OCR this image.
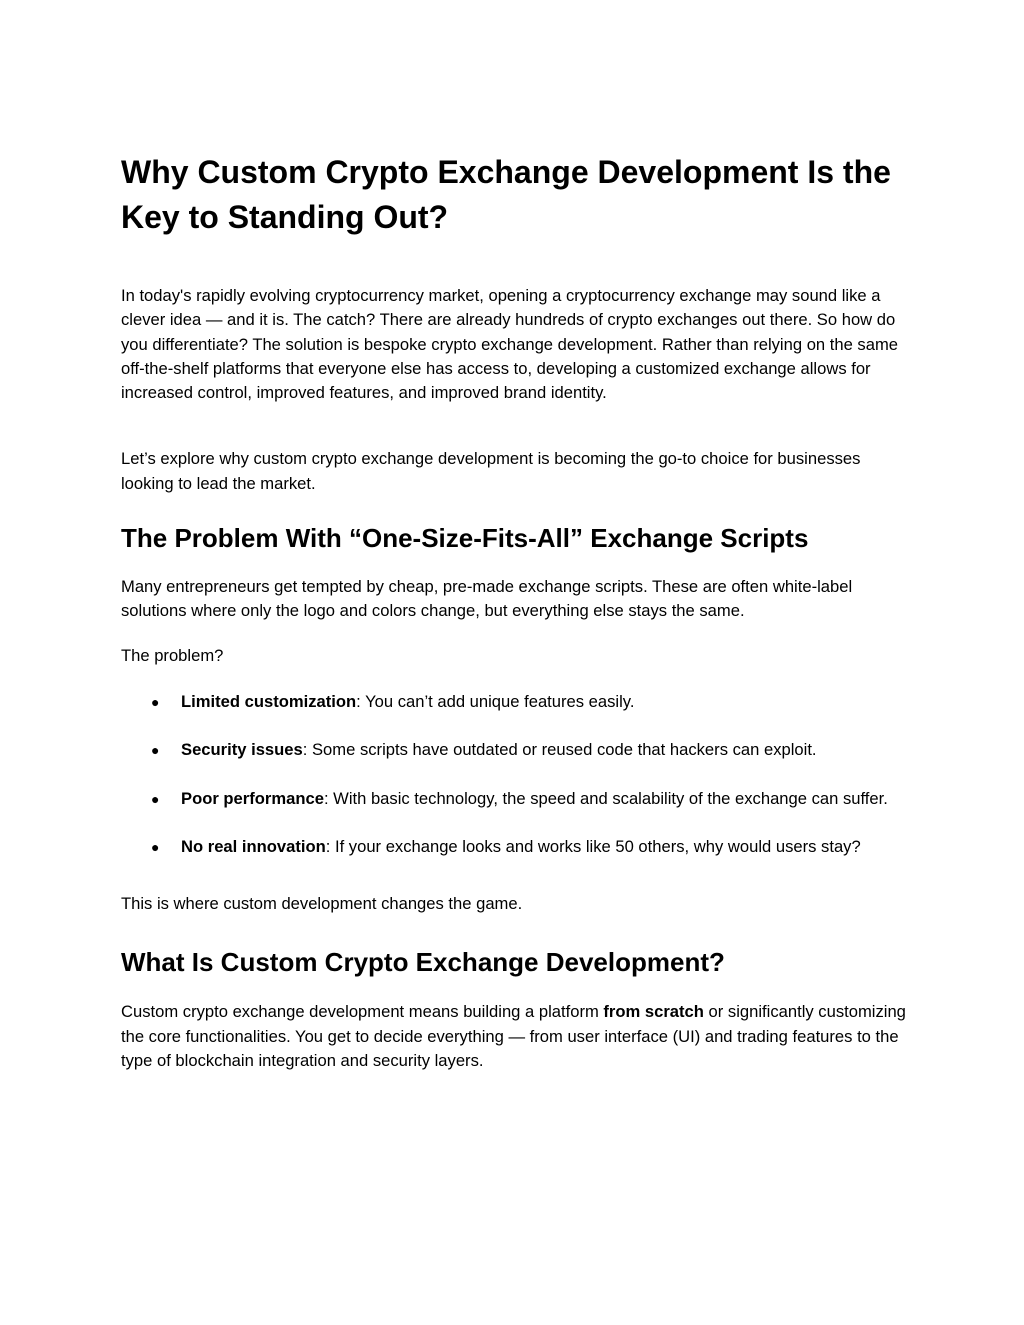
Why Custom Crypto Exchange Development Is the Key to Standing Out?

In today's rapidly evolving cryptocurrency market, opening a cryptocurrency exchange may sound like a clever idea — and it is. The catch? There are already hundreds of crypto exchanges out there. So how do you differentiate? The solution is bespoke crypto exchange development. Rather than relying on the same off-the-shelf platforms that everyone else has access to, developing a customized exchange allows for increased control, improved features, and improved brand identity.

Let’s explore why custom crypto exchange development is becoming the go-to choice for businesses looking to lead the market.

The Problem With “One-Size-Fits-All” Exchange Scripts

Many entrepreneurs get tempted by cheap, pre-made exchange scripts. These are often white-label solutions where only the logo and colors change, but everything else stays the same.

The problem?

● Limited customization: You can’t add unique features easily.
● Security issues: Some scripts have outdated or reused code that hackers can exploit.
● Poor performance: With basic technology, the speed and scalability of the exchange can suffer.
● No real innovation: If your exchange looks and works like 50 others, why would users stay?

This is where custom development changes the game.

What Is Custom Crypto Exchange Development?

Custom crypto exchange development means building a platform from scratch or significantly customizing the core functionalities. You get to decide everything — from user interface (UI) and trading features to the type of blockchain integration and security layers.
